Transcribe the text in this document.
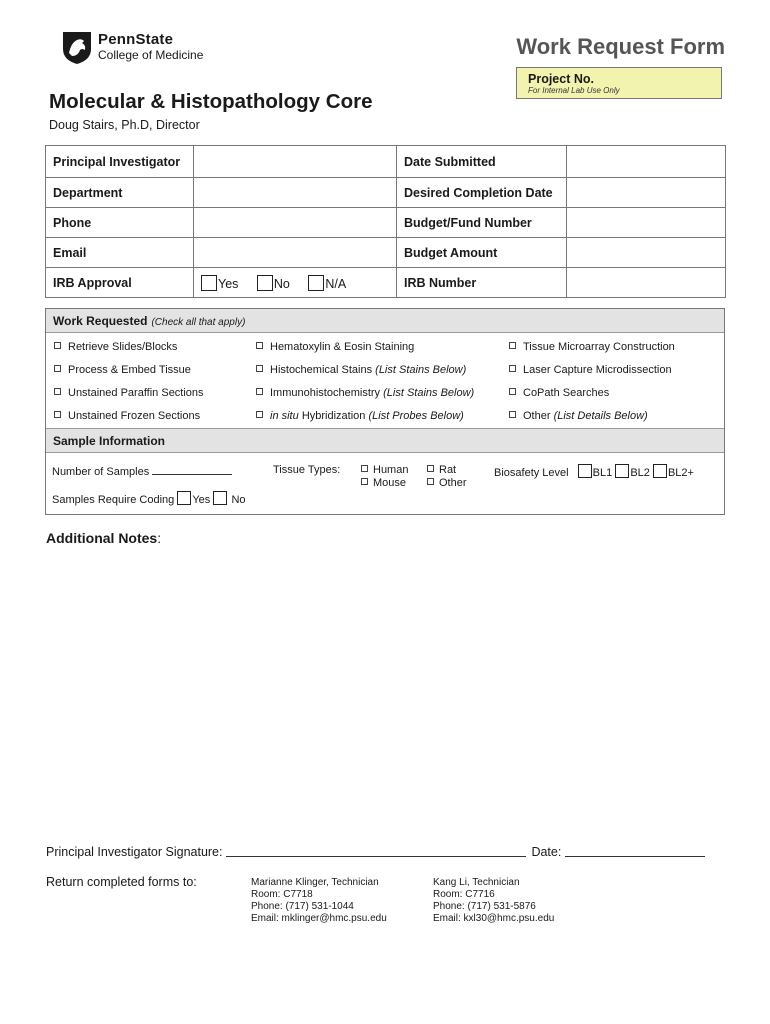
PennState
College of Medicine	Work Request Form
Project No.
For Internal Lab Use Only
Molecular & Histopathology Core
Doug Stairs, Ph.D, Director
Principal Investigator		Date Submitted	
Department		Desired Completion Date	
Phone		Budget/Fund Number	
Email		Budget Amount	
IRB Approval	Yes No N/A	IRB Number	
Work Requested (Check all that apply)
Retrieve Slides/Blocks
Process & Embed Tissue
Unstained Paraffin Sections
Unstained Frozen Sections
Hematoxylin & Eosin Staining
Histochemical Stains (List Stains Below)
Immunohistochemistry (List Stains Below)
in situ Hybridization (List Probes Below)
Tissue Microarray Construction
Laser Capture Microdissection
CoPath Searches
Other (List Details Below)
Sample Information
Number of Samples	Tissue Types:	Human	Rat
Mouse	Other
Biosafety Level BL1 BL2 BL2+
Samples Require Coding Yes No
Additional Notes:
Principal Investigator Signature:	Date:
Return completed forms to:	Marianne Klinger, Technician
Room: C7718
Phone: (717) 531-1044
Email: mklinger@hmc.psu.edu
Kang Li, Technician
Room: C7716
Phone: (717) 531-5876
Email: kxl30@hmc.psu.edu
